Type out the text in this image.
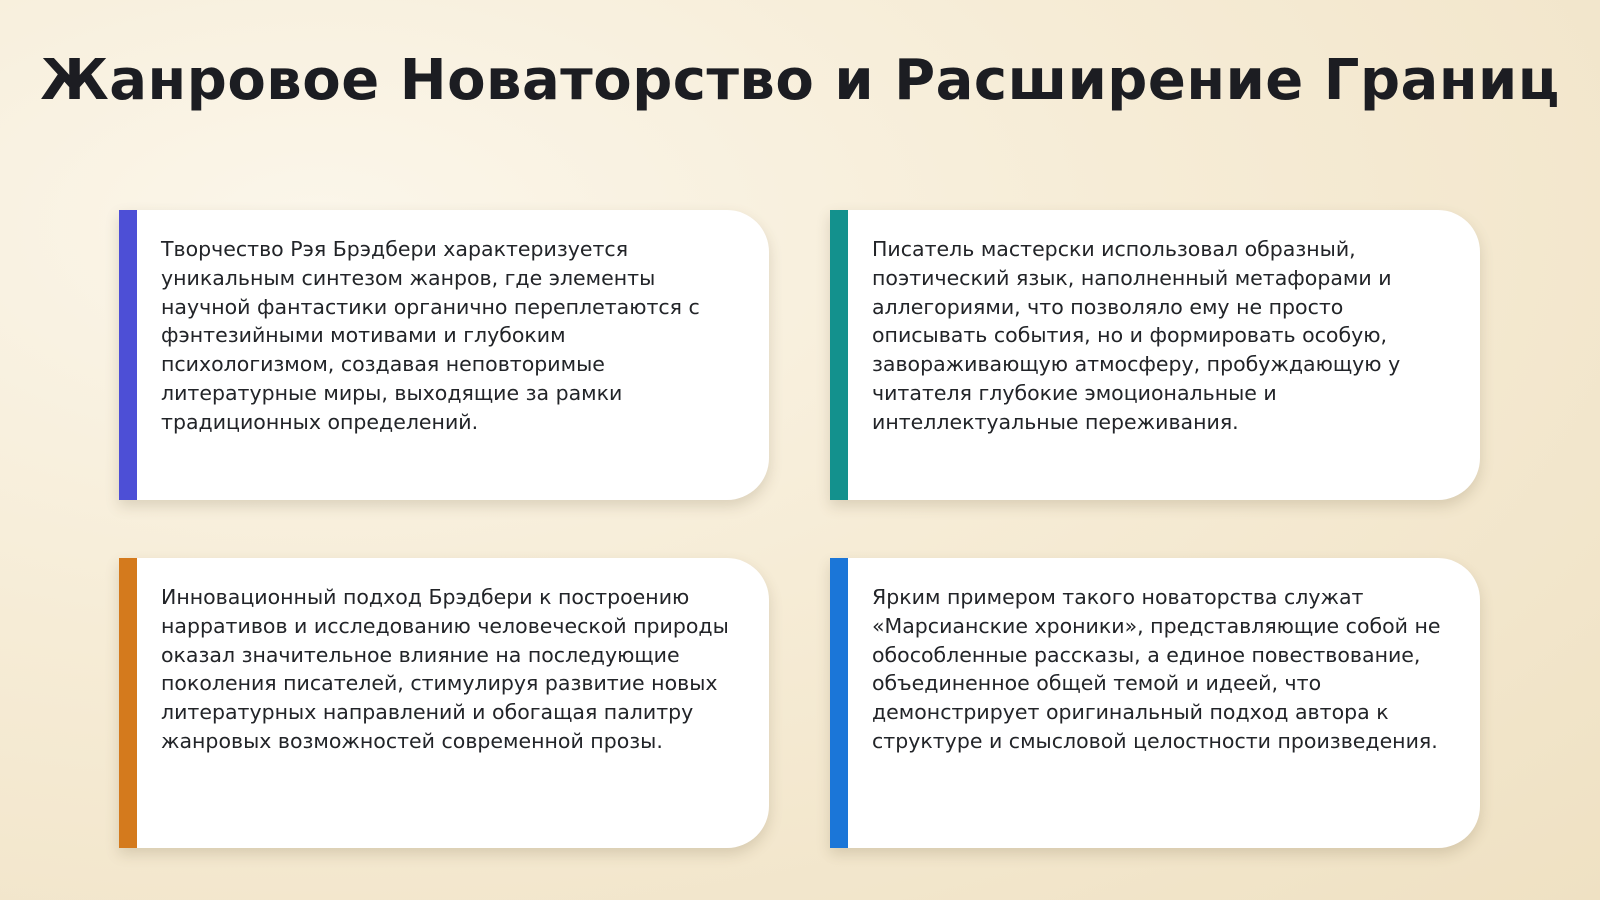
Жанровое Новаторство и Расширение Границ

Творчество Рэя Брэдбери характеризуется уникальным синтезом жанров, где элементы научной фантастики органично переплетаются с фэнтезийными мотивами и глубоким психологизмом, создавая неповторимые литературные миры, выходящие за рамки традиционных определений.

Писатель мастерски использовал образный, поэтический язык, наполненный метафорами и аллегориями, что позволяло ему не просто описывать события, но и формировать особую, завораживающую атмосферу, пробуждающую у читателя глубокие эмоциональные и интеллектуальные переживания.

Инновационный подход Брэдбери к построению нарративов и исследованию человеческой природы оказал значительное влияние на последующие поколения писателей, стимулируя развитие новых литературных направлений и обогащая палитру жанровых возможностей современной прозы.

Ярким примером такого новаторства служат «Марсианские хроники», представляющие собой не обособленные рассказы, а единое повествование, объединенное общей темой и идеей, что демонстрирует оригинальный подход автора к структуре и смысловой целостности произведения.
